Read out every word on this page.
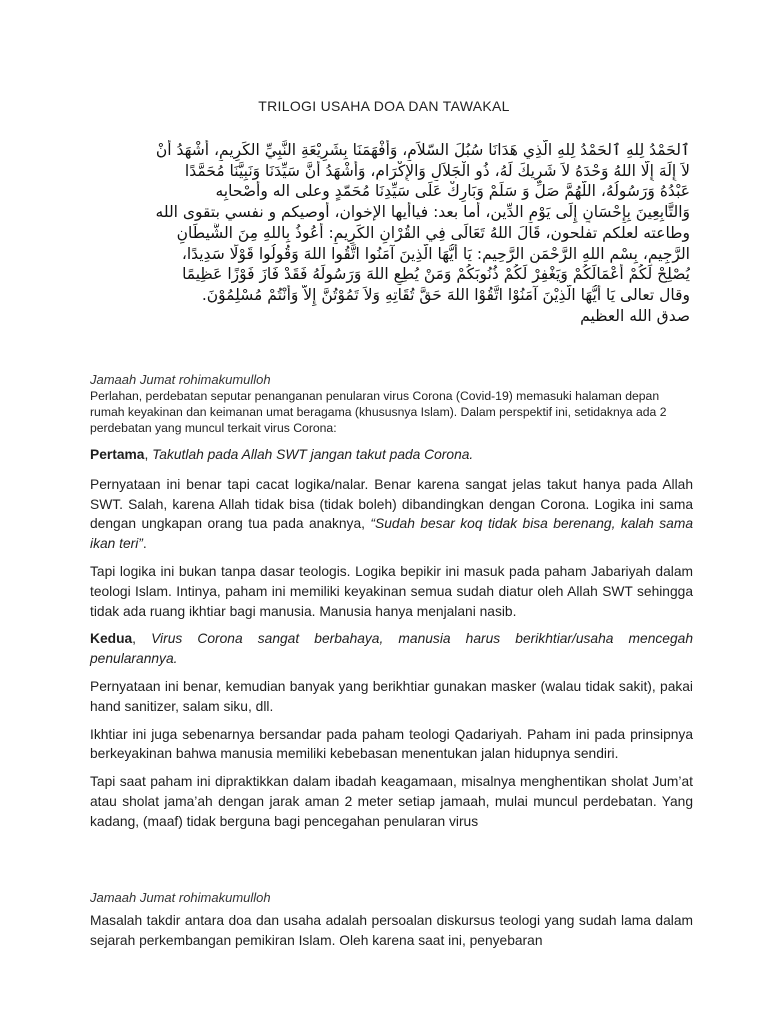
TRILOGI USAHA DOA DAN TAWAKAL
ٱلحَمْدُ لِلهِ ٱلحَمْدُ لِلهِ الّذِي هَدَانَا سُبُلَ السّلاَمِ، وَأَفْهَمَنَا بِشَرِيْعَةِ النَّبِيِّ الكَرِيمِ، أَشْهَدُ أَنْ
لاَ إِلَهَ إِلَّا اللهُ وَحْدَهُ لاَ شَرِيكَ لَهُ، ذُو الْجَلاَلِ وَالإِكْرَامِ، وَأَشْهَدُ أَنَّ سَيِّدَنَا وَنَبِيَّنَا مُحَمَّدًا
عَبْدُهُ وَرَسُولُهُ، اللَّهُمَّ صَلِّ وَ سَلِّمْ وَبَارِكْ عَلَى سَيِّدِنَا مُحَمّدٍ وعلى اله وأصْحابِه
وَالتَّابِعِينَ بِإِحْسَانٍ إِلَى يَوْمِ الدِّين، أما بعد: فياأيها الإخوان، أوصيكم و نفسي بتقوى الله
وطاعته لعلكم تفلحون، قَالَ اللهُ تَعَالَى فِي القُرْانِ الكَرِيمِ: أَعُوذُ بِاللهِ مِنَ الشَّيطَانِ
الرَّجِيمِ، بِسْمِ اللهِ الرَّحْمَنِ الرَّحِيمِ: يَا أَيُّهَا الَّذِينَ آمَنُوا اتَّقُوا اللهَ وَقُولُوا قَوْلًا سَدِيدًا،
يُصْلِحْ لَكُمْ أَعْمَالَكُمْ وَيَغْفِرْ لَكُمْ ذُنُوبَكُمْ وَمَنْ يُطِعِ اللهَ وَرَسُولَهُ فَقَدْ فَازَ فَوْزًا عَظِيمًا
وقال تعالى يَا أَيُّهَا الَّذِيْنَ آمَنُوْا اتَّقُوْا اللهَ حَقَّ تُقَاتِهِ وَلاَ تَمُوْتُنَّ إِلاَّ وَأَنْتُمْ مُسْلِمُوْنَ.
صدق الله العظيم
Jamaah Jumat rohimakumulloh

Perlahan, perdebatan seputar penanganan penularan virus Corona (Covid-19) memasuki halaman depan rumah keyakinan dan keimanan umat beragama (khususnya Islam). Dalam perspektif ini, setidaknya ada 2 perdebatan yang muncul terkait virus Corona:

Pertama, Takutlah pada Allah SWT jangan takut pada Corona.

Pernyataan ini benar tapi cacat logika/nalar. Benar karena sangat jelas takut hanya pada Allah SWT. Salah, karena Allah tidak bisa (tidak boleh) dibandingkan dengan Corona. Logika ini sama dengan ungkapan orang tua pada anaknya, “Sudah besar koq tidak bisa berenang, kalah sama ikan teri”.

Tapi logika ini bukan tanpa dasar teologis. Logika bepikir ini masuk pada paham Jabariyah dalam teologi Islam. Intinya, paham ini memiliki keyakinan semua sudah diatur oleh Allah SWT sehingga tidak ada ruang ikhtiar bagi manusia. Manusia hanya menjalani nasib.

Kedua, Virus Corona sangat berbahaya, manusia harus berikhtiar/usaha mencegah penularannya.

Pernyataan ini benar, kemudian banyak yang berikhtiar gunakan masker (walau tidak sakit), pakai hand sanitizer, salam siku, dll.

Ikhtiar ini juga sebenarnya bersandar pada paham teologi Qadariyah. Paham ini pada prinsipnya berkeyakinan bahwa manusia memiliki kebebasan menentukan jalan hidupnya sendiri.

Tapi saat paham ini dipraktikkan dalam ibadah keagamaan, misalnya menghentikan sholat Jum’at atau sholat jama’ah dengan jarak aman 2 meter setiap jamaah, mulai muncul perdebatan. Yang kadang, (maaf) tidak berguna bagi pencegahan penularan virus

Jamaah Jumat rohimakumulloh

Masalah takdir antara doa dan usaha adalah persoalan diskursus teologi yang sudah lama dalam sejarah perkembangan pemikiran Islam. Oleh karena saat ini, penyebaran
